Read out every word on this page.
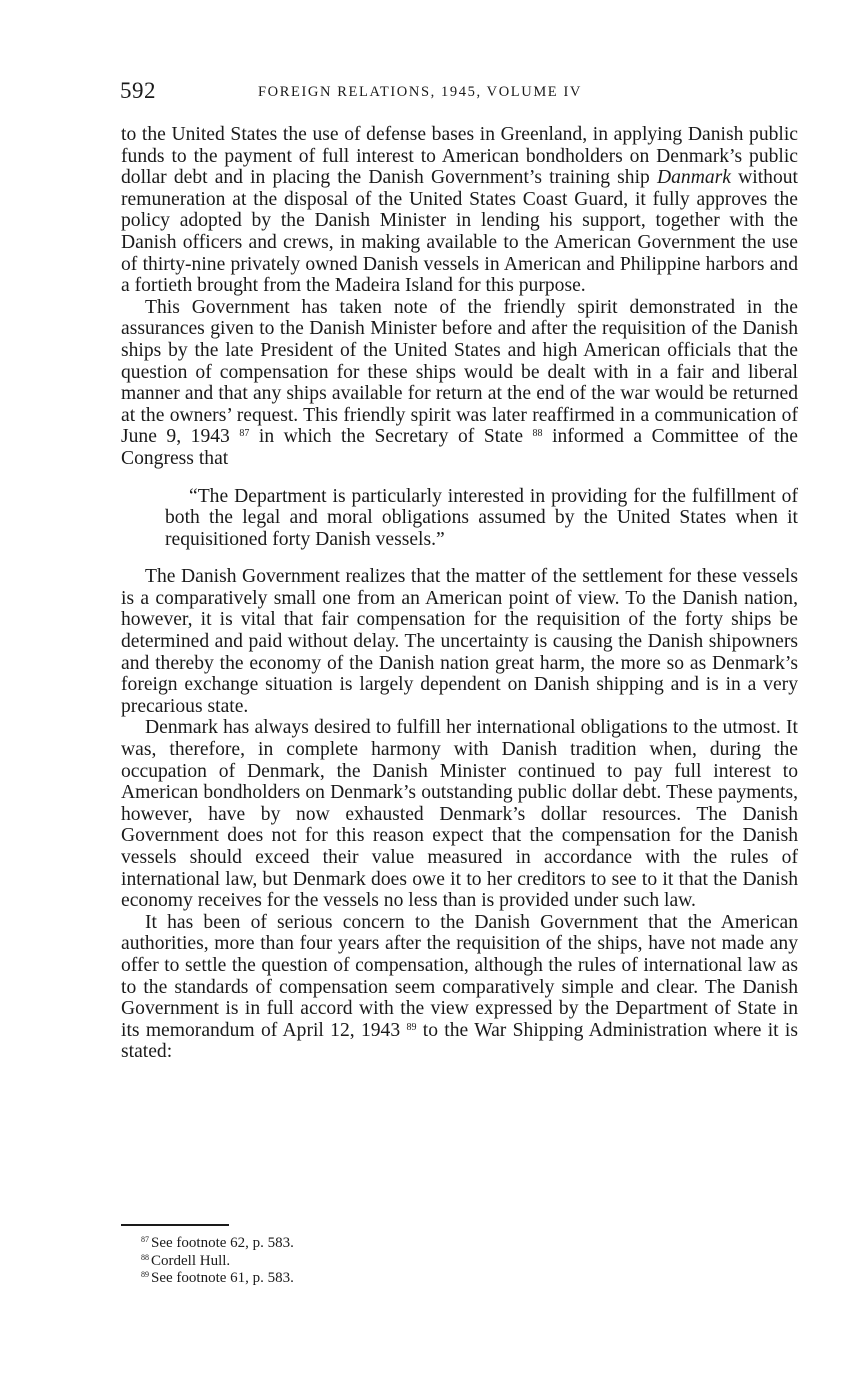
592	FOREIGN RELATIONS, 1945, VOLUME IV

to the United States the use of defense bases in Greenland, in applying Danish public funds to the payment of full interest to American bondholders on Denmark’s public dollar debt and in placing the Danish Government’s training ship Danmark without remuneration at the disposal of the United States Coast Guard, it fully approves the policy adopted by the Danish Minister in lending his support, together with the Danish officers and crews, in making available to the American Government the use of thirty-nine privately owned Danish vessels in American and Philippine harbors and a fortieth brought from the Madeira Island for this purpose.

This Government has taken note of the friendly spirit demonstrated in the assurances given to the Danish Minister before and after the requisition of the Danish ships by the late President of the United States and high American officials that the question of compensation for these ships would be dealt with in a fair and liberal manner and that any ships available for return at the end of the war would be returned at the owners’ request. This friendly spirit was later reaffirmed in a communication of June 9, 1943 $^{87}$ in which the Secretary of State $^{88}$ informed a Committee of the Congress that

“The Department is particularly interested in providing for the fulfillment of both the legal and moral obligations assumed by the United States when it requisitioned forty Danish vessels.”

The Danish Government realizes that the matter of the settlement for these vessels is a comparatively small one from an American point of view. To the Danish nation, however, it is vital that fair compensation for the requisition of the forty ships be determined and paid without delay. The uncertainty is causing the Danish shipowners and thereby the economy of the Danish nation great harm, the more so as Denmark’s foreign exchange situation is largely dependent on Danish shipping and is in a very precarious state.

Denmark has always desired to fulfill her international obligations to the utmost. It was, therefore, in complete harmony with Danish tradition when, during the occupation of Denmark, the Danish Minister continued to pay full interest to American bondholders on Denmark’s outstanding public dollar debt. These payments, however, have by now exhausted Denmark’s dollar resources. The Danish Government does not for this reason expect that the compensation for the Danish vessels should exceed their value measured in accordance with the rules of international law, but Denmark does owe it to her creditors to see to it that the Danish economy receives for the vessels no less than is provided under such law.

It has been of serious concern to the Danish Government that the American authorities, more than four years after the requisition of the ships, have not made any offer to settle the question of compensation, although the rules of international law as to the standards of compensation seem comparatively simple and clear. The Danish Government is in full accord with the view expressed by the Department of State in its memorandum of April 12, 1943 $^{89}$ to the War Shipping Administration where it is stated:

$^{87}$ See footnote 62, p. 583.

$^{88}$ Cordell Hull.

$^{89}$ See footnote 61, p. 583.
